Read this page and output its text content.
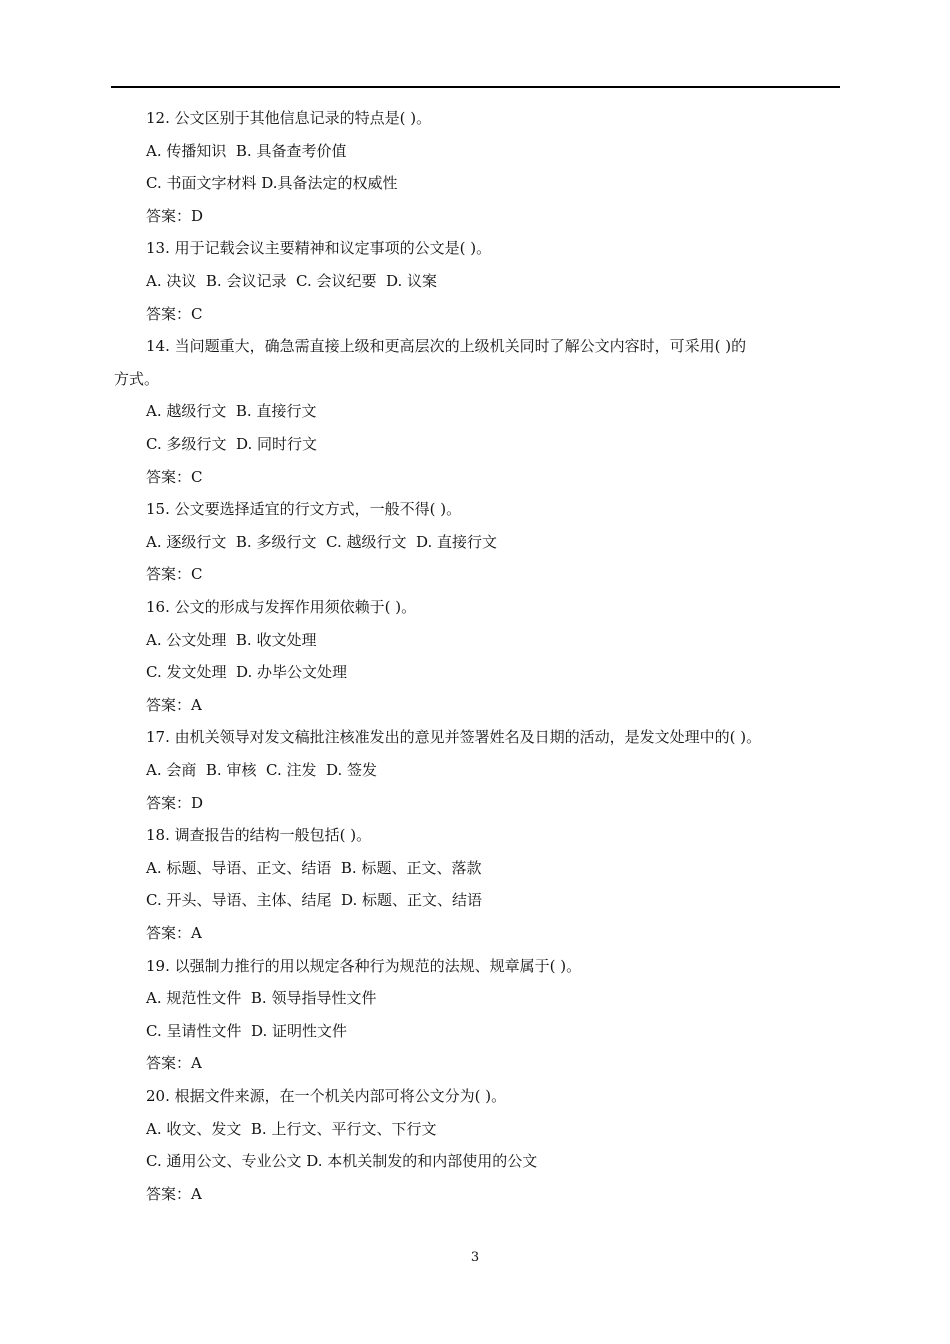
12. 公文区别于其他信息记录的特点是( )。
A. 传播知识  B. 具备查考价值
C. 书面文字材料 D.具备法定的权威性
答案：D
13. 用于记载会议主要精神和议定事项的公文是( )。
A. 决议  B. 会议记录  C. 会议纪要  D. 议案
答案：C
14. 当问题重大，确急需直接上级和更高层次的上级机关同时了解公文内容时，可采用( )的
方式。
A. 越级行文  B. 直接行文
C. 多级行文  D. 同时行文
答案：C
15. 公文要选择适宜的行文方式，一般不得( )。
A. 逐级行文  B. 多级行文  C. 越级行文  D. 直接行文
答案：C
16. 公文的形成与发挥作用须依赖于( )。
A. 公文处理  B. 收文处理
C. 发文处理  D. 办毕公文处理
答案：A
17. 由机关领导对发文稿批注核准发出的意见并签署姓名及日期的活动，是发文处理中的( )。
A. 会商  B. 审核  C. 注发  D. 签发
答案：D
18. 调查报告的结构一般包括( )。
A. 标题、导语、正文、结语  B. 标题、正文、落款
C. 开头、导语、主体、结尾  D. 标题、正文、结语
答案：A
19. 以强制力推行的用以规定各种行为规范的法规、规章属于( )。
A. 规范性文件  B. 领导指导性文件
C. 呈请性文件  D. 证明性文件
答案：A
20. 根据文件来源，在一个机关内部可将公文分为( )。
A. 收文、发文  B. 上行文、平行文、下行文
C. 通用公文、专业公文 D. 本机关制发的和内部使用的公文
答案：A
3
